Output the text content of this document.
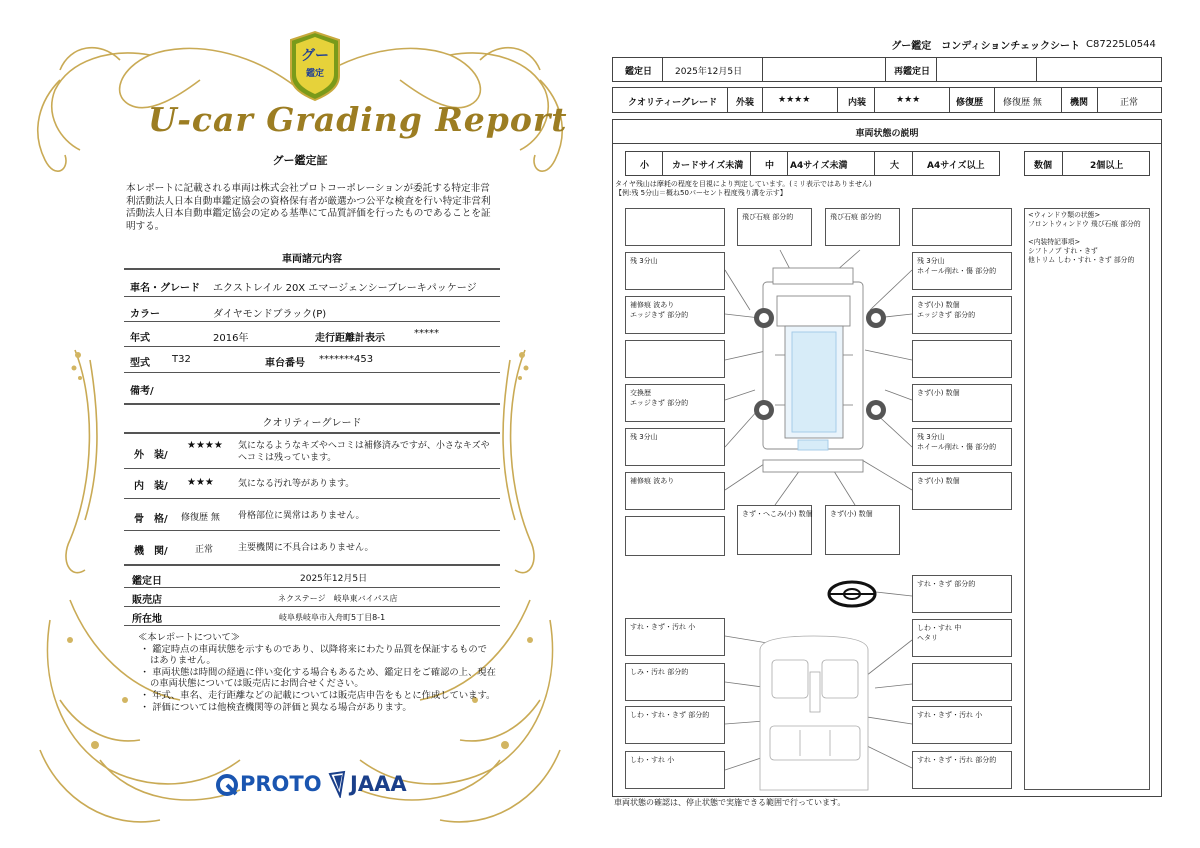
グー
鑑定
U-car Grading Report
グー鑑定証
本レポートに記載される車両は株式会社プロトコーポレーションが委託する特定非営利活動法人日本自動車鑑定協会の資格保有者が厳選かつ公平な検査を行い特定非営利活動法人日本自動車鑑定協会の定める基準にて品質評価を行ったものであることを証明する。
車両諸元内容
車名・グレード エクストレイル 20X エマージェンシーブレーキパッケージ
カラー	ダイヤモンドブラック(P)
年式	2016年	走行距離計表示	*****
型式 T32	車台番号 *******453
備考/
クオリティーグレード
外　装/
★★★★ 気になるようなキズやヘコミは補修済みですが、小さなキズやヘコミは残っています。
内　装/ ★★★	気になる汚れ等があります。
骨　格/ 修復歴 無 骨格部位に異常はありません。
機　関/	正常	主要機関に不具合はありません。
鑑定日	2025年12月5日
販売店	ネクステージ　岐阜東バイパス店
所在地	岐阜県岐阜市入舟町5丁目8-1
≪本レポートについて≫
・ 鑑定時点の車両状態を示すものであり、以降将来にわたり品質を保証するものではありません。
・ 車両状態は時間の経過に伴い変化する場合もあるため、鑑定日をご確認の上、現在の車両状態については販売店にお問合せください。
・ 年式、車名、走行距離などの記載については販売店申告をもとに作成しています。
・ 評価については他検査機関等の評価と異なる場合があります。
PROTO JAAA
グー鑑定　コンディションチェックシート C87225L0544
鑑定日	2025年12月5日	再鑑定日
クオリティーグレード 外装	★★★★	内装	★★★	修復歴 修復歴 無	機関	正常
車両状態の説明
小	カードサイズ未満 中 A4サイズ未満	大	A4サイズ以上	数個	2個以上
タイヤ残山は摩耗の程度を目視により判定しています。(ミリ表示ではありません)
【例:残 5分山＝概ね50パーセント程度残り溝を示す】
<ウィンドウ類の状態>
フロントウィンドウ 飛び石痕 部分的

<内装特記事項>
シフトノブ すれ・きず
他トリム しわ・すれ・きず 部分的
残 3分山
補修痕 波あり
エッジきず 部分的
交換歴
エッジきず 部分的
残 3分山
補修痕 波あり
残 3分山
ホイール削れ・傷 部分的
きず(小) 数個
エッジきず 部分的
きず(小) 数個
残 3分山
ホイール削れ・傷 部分的
きず(小) 数個
飛び石痕 部分的	飛び石痕 部分的
きず・へこみ(小) 数個 きず(小) 数個
すれ・きず・汚れ 小
しみ・汚れ 部分的
しわ・すれ・きず 部分的
しわ・すれ 小
すれ・きず 部分的
しわ・すれ 中
ヘタリ
すれ・きず・汚れ 小
すれ・きず・汚れ 部分的
車両状態の確認は、停止状態で実施できる範囲で行っています。
